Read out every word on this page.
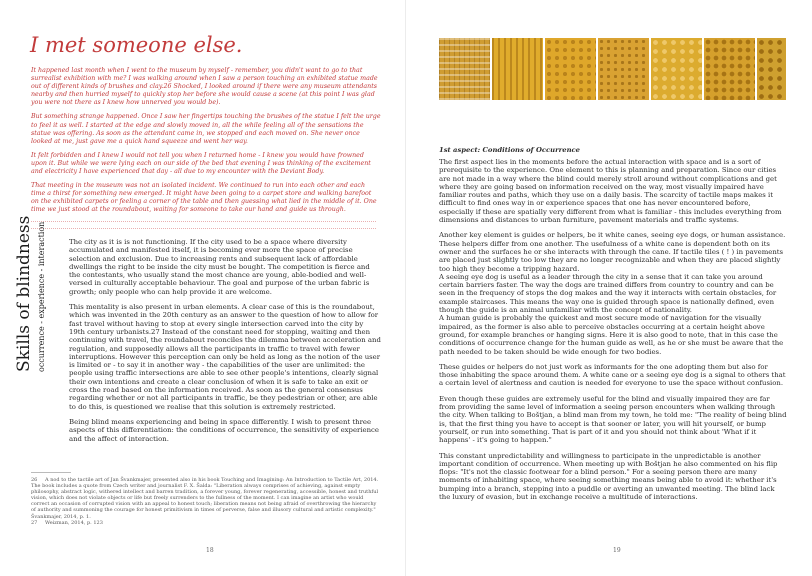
I met someone else.

It happened last month when I went to the museum by myself - remember, you didn't want to go to that surrealist exhibition with me? I was walking around when I saw a person touching an exhibited statue made out of different kinds of brushes and clay.26 Shocked, I looked around if there were any museum attendants nearby and then hurried myself to quickly stop her before she would cause a scene (at this point I was glad you were not there as I knew how unnerved you would be).

But something strange happened. Once I saw her fingertips touching the brushes of the statue I felt the urge to feel it as well. I started at the edge and slowly moved in, all the while feeling all of the sensations the statue was offering. As soon as the attendant came in, we stopped and each moved on. She never once looked at me, just gave me a quick hand squeeze and went her way.

It felt forbidden and I knew I would not tell you when I returned home - I knew you would have frowned upon it. But while we were lying each on our side of the bed that evening I was thinking of the excitement and electricity I have experienced that day - all due to my encounter with the Deviant Body.

That meeting in the museum was not an isolated incident. We continued to run into each other and each time a thirst for something new emerged. It might have been going to a carpet store and walking barefoot on the exhibited carpets or feeling a corner of the table and then guessing what lied in the middle of it. One time we just stood at the roundabout, waiting for someone to take our hand and guide us through.

Skills of blindness occurrence - experience - interaction	The city as it is is not functioning. If the city used to be a space where diversity accumulated and manifested itself, it is becoming ever more the space of precise selection and exclusion. Due to increasing rents and subsequent lack of affordable dwellings the right to be inside the city must be bought. The competition is fierce and the contestants, who usually stand the most chance are young, able-bodied and well-versed in culturally acceptable behaviour. The goal and purpose of the urban fabric is growth; only people who can help provide it are welcome.

This mentality is also present in urban elements. A clear case of this is the roundabout, which was invented in the 20th century as an answer to the question of how to allow for fast travel without having to stop at every single intersection carved into the city by 19th century urbanists.27 Instead of the constant need for stopping, waiting and then continuing with travel, the roundabout reconciles the dilemma between acceleration and regulation, and supposedly allows all the participants in traffic to travel with fewer interruptions. However this perception can only be held as long as the notion of the user is limited or - to say it in another way - the capabilities of the user are unlimited: the people using traffic intersections are able to see other people's intentions, clearly signal their own intentions and create a clear conclusion of when it is safe to take an exit or cross the road based on the information received. As soon as the general consensus regarding whether or not all participants in traffic, be they pedestrian or other, are able to do this, is questioned we realise that this solution is extremely restricted.

Being blind means experiencing and being in space differently. I wish to present three aspects of this differentiation: the conditions of occurrence, the sensitivity of experience and the affect of interaction.

26 A nod to the tactile art of Jan Švankmajer, presented also in his book Touching and Imagining: An Introduction to Tactile Art, 2014. The book includes a quote from Czech writer and journalist F. X. Šalda: "Liberation always comprises of achieving, against empty philosophy, abstract logic, withered intellect and barren tradition, a forever young, forever regenerating, accessible, honest and truthful vision, which does not violate objects or life but freely surrenders to the fullness of the moment. I can imagine an artist who would correct an occasion of corrupted vision with an appeal to honest touch; liberation means not being afraid of overthrowing the hierarchy of authority and summoning the courage for honest primitivism in times of perverse, false and illusory cultural and artistic complexity." Švankmajer, 2014, p. 1.

27 Weizman, 2014, p. 123

18
1st aspect: Conditions of Occurrence

The first aspect lies in the moments before the actual interaction with space and is a sort of prerequisite to the experience. One element to this is planning and preparation. Since our cities are not made in a way where the blind could merely stroll around without complications and get where they are going based on information received on the way, most visually impaired have familiar routes and paths, which they use on a daily basis. The scarcity of tactile maps makes it difficult to find ones way in or experience spaces that one has never encountered before, especially if these are spatially very different from what is familiar - this includes everything from dimensions and distances to urban furniture, pavement materials and traffic systems.

Another key element is guides or helpers, be it white canes, seeing eye dogs, or human assistance. These helpers differ from one another. The usefulness of a white cane is dependent both on its owner and the surfaces he or she interacts with through the cane. If tactile tiles ( ! ) in pavements are placed just slightly too low they are no longer recognizable and when they are placed slightly too high they become a tripping hazard.

A seeing eye dog is useful as a leader through the city in a sense that it can take you around certain barriers faster. The way the dogs are trained differs from country to country and can be seen in the frequency of stops the dog makes and the way it interacts with certain obstacles, for example staircases. This means the way one is guided through space is nationally defined, even though the guide is an animal unfamiliar with the concept of nationality.

A human guide is probably the quickest and most secure mode of navigation for the visually impaired, as the former is also able to perceive obstacles occurring at a certain height above ground, for example branches or hanging signs. Here it is also good to note, that in this case the conditions of occurrence change for the human guide as well, as he or she must be aware that the path needed to be taken should be wide enough for two bodies.

These guides or helpers do not just work as informants for the one adopting them but also for those inhabiting the space around them. A white cane or a seeing eye dog is a signal to others that a certain level of alertness and caution is needed for everyone to use the space without confusion.

Even though these guides are extremely useful for the blind and visually impaired they are far from providing the same level of information a seeing person encounters when walking through the city. When talking to Boštjan, a blind man from my town, he told me: "The reality of being blind is, that the first thing you have to accept is that sooner or later, you will hit yourself, or bump yourself, or run into something. That is part of it and you should not think about 'What if it happens' - it's going to happen."

This constant unpredictability and willingness to participate in the unpredictable is another important condition of occurrence. When meeting up with Boštjan he also commented on his flip flops: "It's not the classic footwear for a blind person." For a seeing person there are many moments of inhabiting space, where seeing something means being able to avoid it: whether it's bumping into a branch, stepping into a puddle or averting an unwanted meeting. The blind lack the luxury of evasion, but in exchange receive a multitude of interactions.

19
